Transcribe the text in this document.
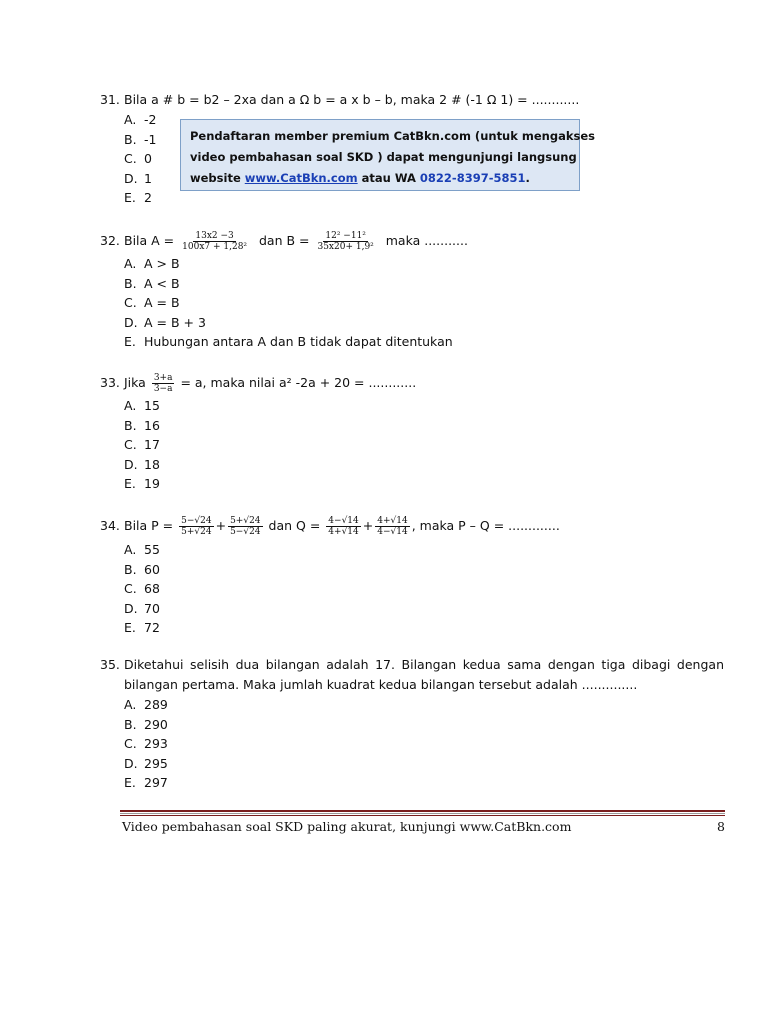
31. Bila a # b = b2 – 2xa dan a Ω b = a x b – b, maka 2 # (-1 Ω 1) = ............
A. -2
B. -1
C. 0
D. 1
E. 2
Pendaftaran member premium CatBkn.com (untuk mengakses
video pembahasan soal SKD ) dapat mengunjungi langsung
website www.CatBkn.com atau WA 0822-8397-5851.
32. Bila $A = \frac{13x2 -3}{\text{100x7 + 1,28²}}$ dan $B = \frac{\text{12² −11²}}{\text{35x20+ 1,9²}}$ maka ...........
A. A > B
B. A < B
C. A = B
D. A = B + 3
E. Hubungan antara A dan B tidak dapat ditentukan
33. Jika $\frac{3+a}{3-a} = a$, maka nilai a² -2a + 20 = ............
A. 15
B. 16
C. 17
D. 18
E. 19
34. Bila $P = \frac{5-√24}{5+√24} + \frac{5+√24}{5-√24}$ dan $Q = \frac{4-√14}{4+√14} + \frac{4+√14}{4-√14}$ , maka P – Q = .............
A. 55
B. 60
C. 68
D. 70
E. 72
35. Diketahui selisih dua bilangan adalah 17. Bilangan kedua sama dengan tiga dibagi dengan bilangan pertama. Maka jumlah kuadrat kedua bilangan tersebut adalah ..............
A. 289
B. 290
C. 293
D. 295
E. 297
Video pembahasan soal SKD paling akurat, kunjungi www.CatBkn.com	8
